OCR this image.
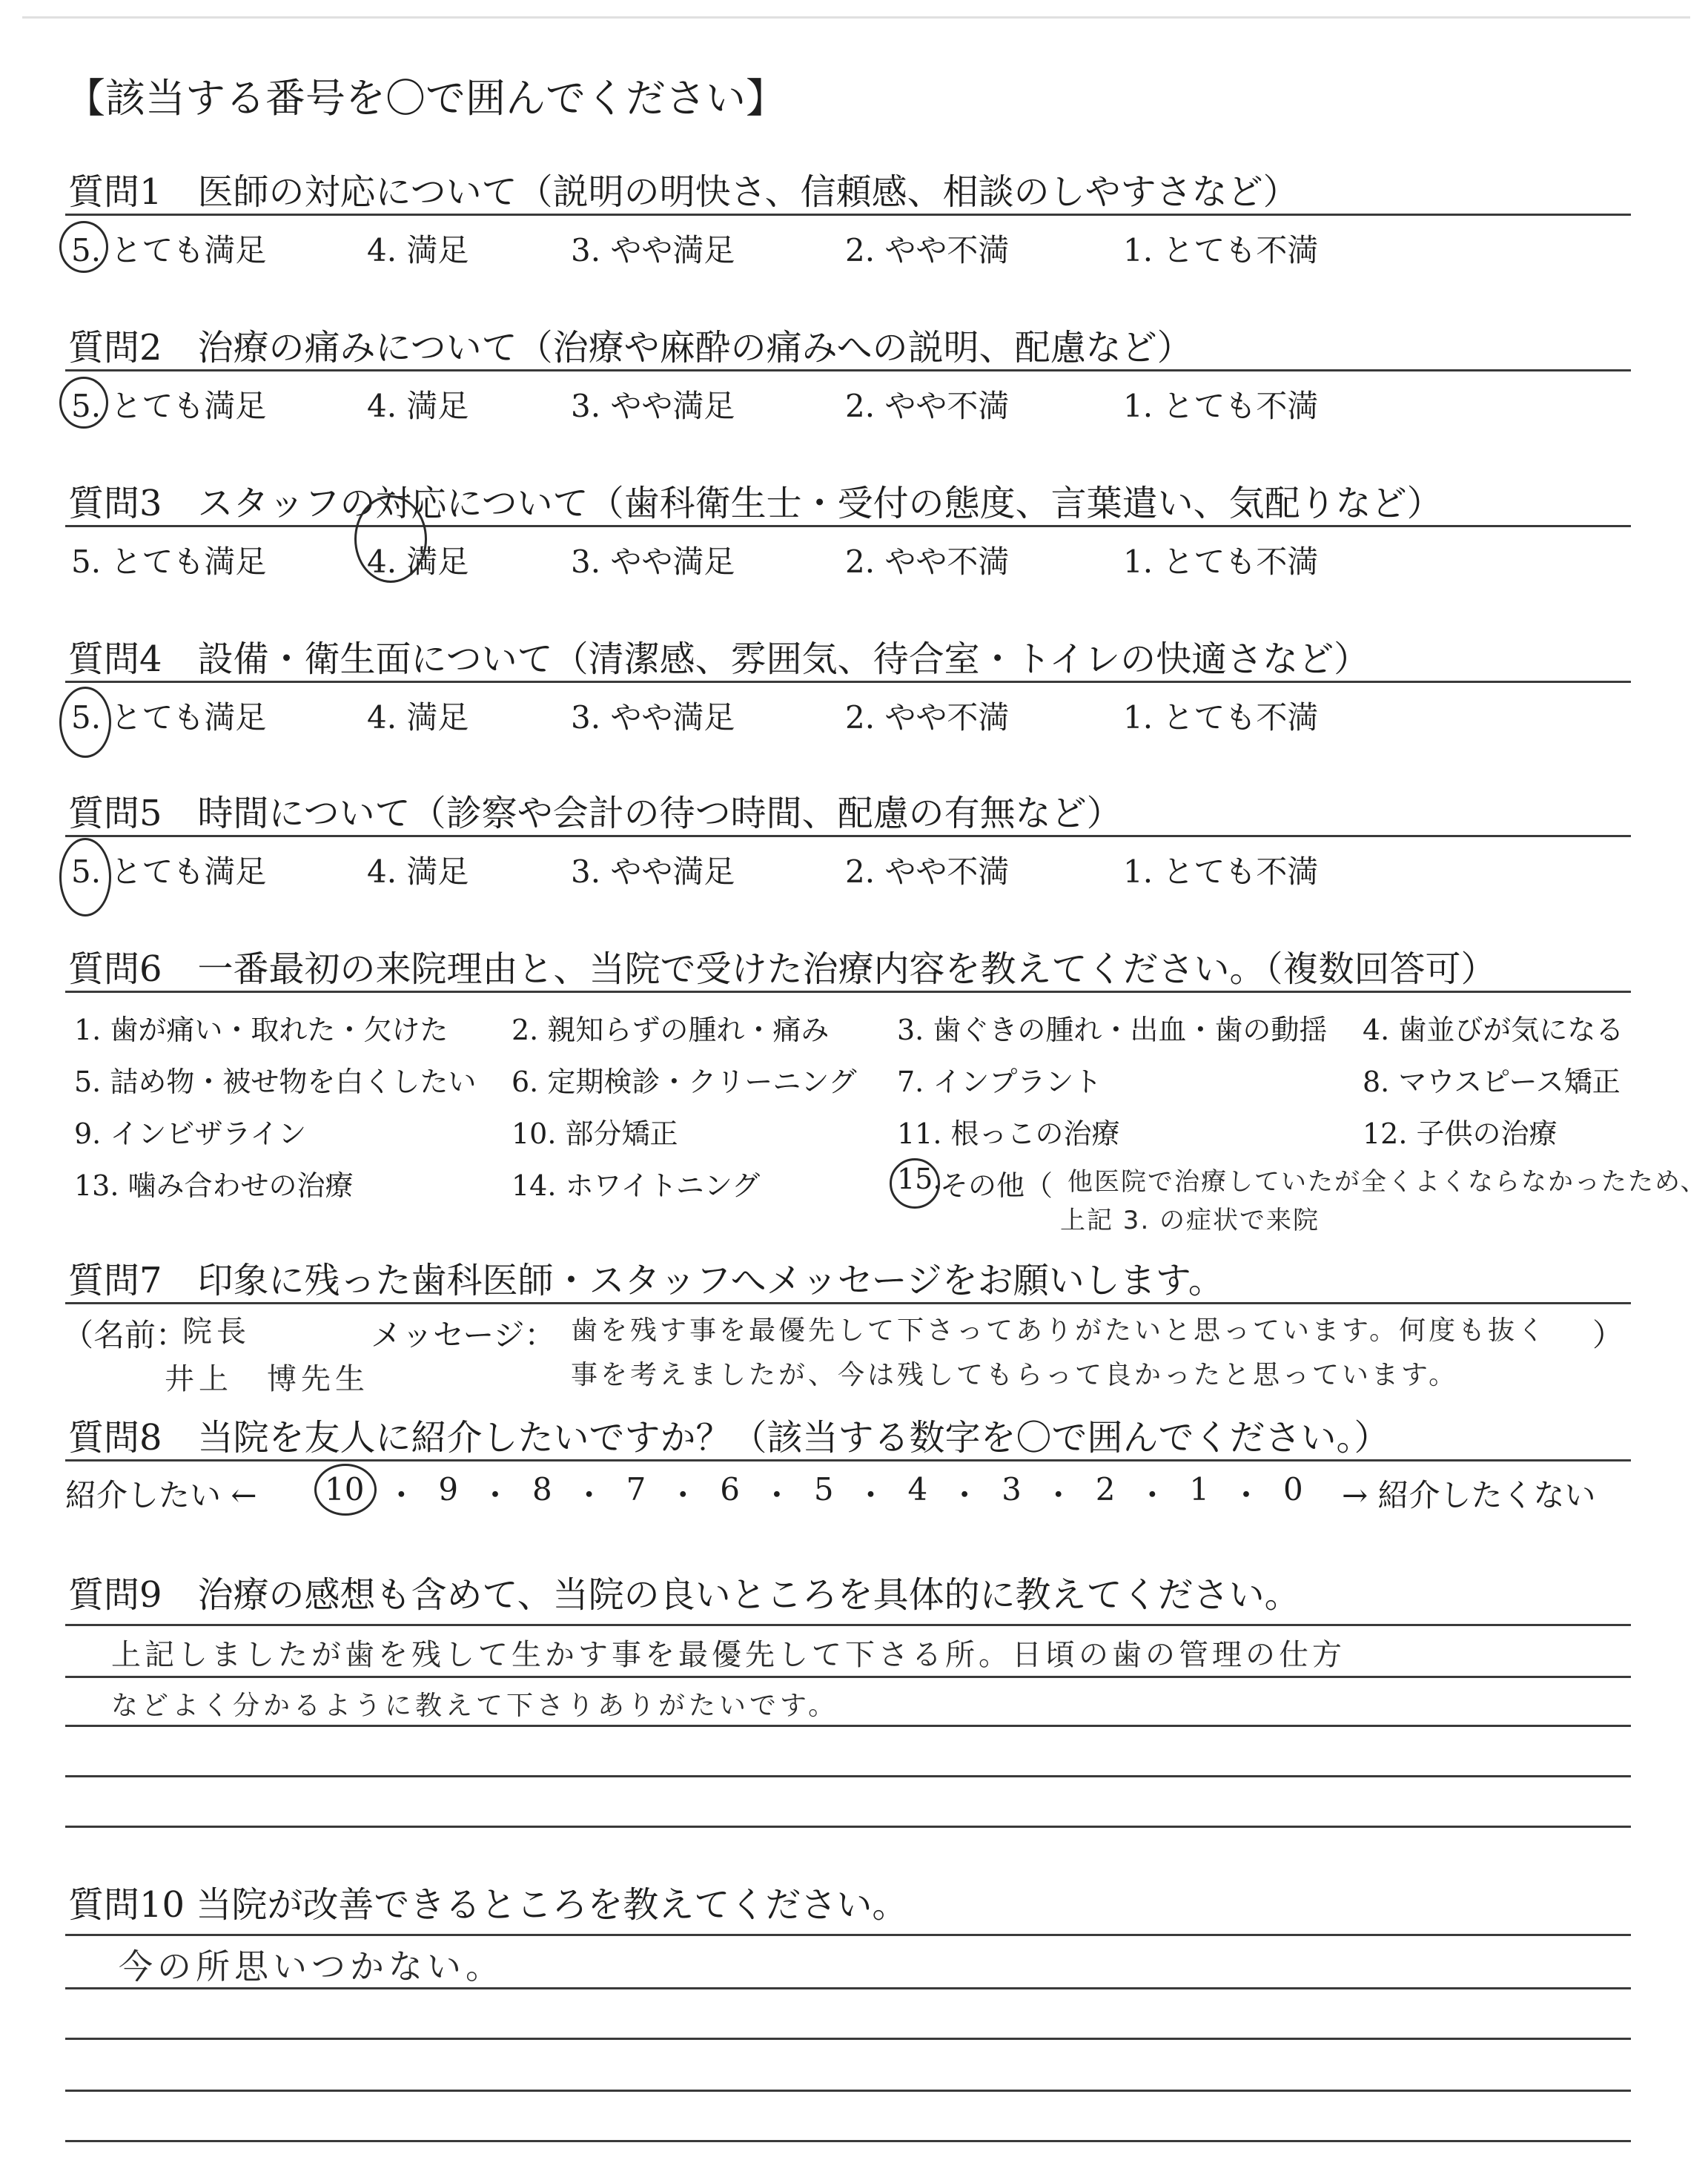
【該当する番号を〇で囲んでください】
質問1　医師の対応について（説明の明快さ、信頼感、相談のしやすさなど）
5. とても満足	4. 満足	3. やや満足	2. やや不満	1. とても不満
質問2　治療の痛みについて（治療や麻酔の痛みへの説明、配慮など）
5. とても満足	4. 満足	3. やや満足	2. やや不満	1. とても不満
質問3　スタッフの対応について（歯科衛生士・受付の態度、言葉遣い、気配りなど）
5. とても満足	4. 満足	3. やや満足	2. やや不満	1. とても不満
質問4　設備・衛生面について（清潔感、雰囲気、待合室・トイレの快適さなど）
5. とても満足	4. 満足	3. やや満足	2. やや不満	1. とても不満
質問5　時間について（診察や会計の待つ時間、配慮の有無など）
5. とても満足	4. 満足	3. やや満足	2. やや不満	1. とても不満
質問6　一番最初の来院理由と、当院で受けた治療内容を教えてください。（複数回答可）
1. 歯が痛い・取れた・欠けた 2. 親知らずの腫れ・痛み 3. 歯ぐきの腫れ・出血・歯の動揺 4. 歯並びが気になる
5. 詰め物・被せ物を白くしたい 6. 定期検診・クリーニング 7. インプラント	8. マウスピース矯正
9. インビザライン	10. 部分矯正	11. 根っこの治療	12. 子供の治療
13. 噛み合わせの治療	14. ホワイトニング	15.
その他（ 他医院で治療していたが全くよくならなかったため、
上記 3. の症状で来院
質問7　印象に残った歯科医師・スタッフへメッセージをお願いします。
（名前：
院長
井上　博先生
メッセージ： 歯を残す事を最優先して下さってありがたいと思っています。何度も抜く
事を考えましたが、今は残してもらって良かったと思っています。
）
質問8　当院を友人に紹介したいですか？（該当する数字を〇で囲んでください。）
紹介したい ← 10 ・ 9 ・ 8 ・ 7 ・ 6 ・ 5 ・ 4 ・ 3 ・ 2 ・ 1 ・ 0 → 紹介したくない
質問9　治療の感想も含めて、当院の良いところを具体的に教えてください。
上記しましたが歯を残して生かす事を最優先して下さる所。日頃の歯の管理の仕方
などよく分かるように教えて下さりありがたいです。
質問10 当院が改善できるところを教えてください。
今の所思いつかない。
